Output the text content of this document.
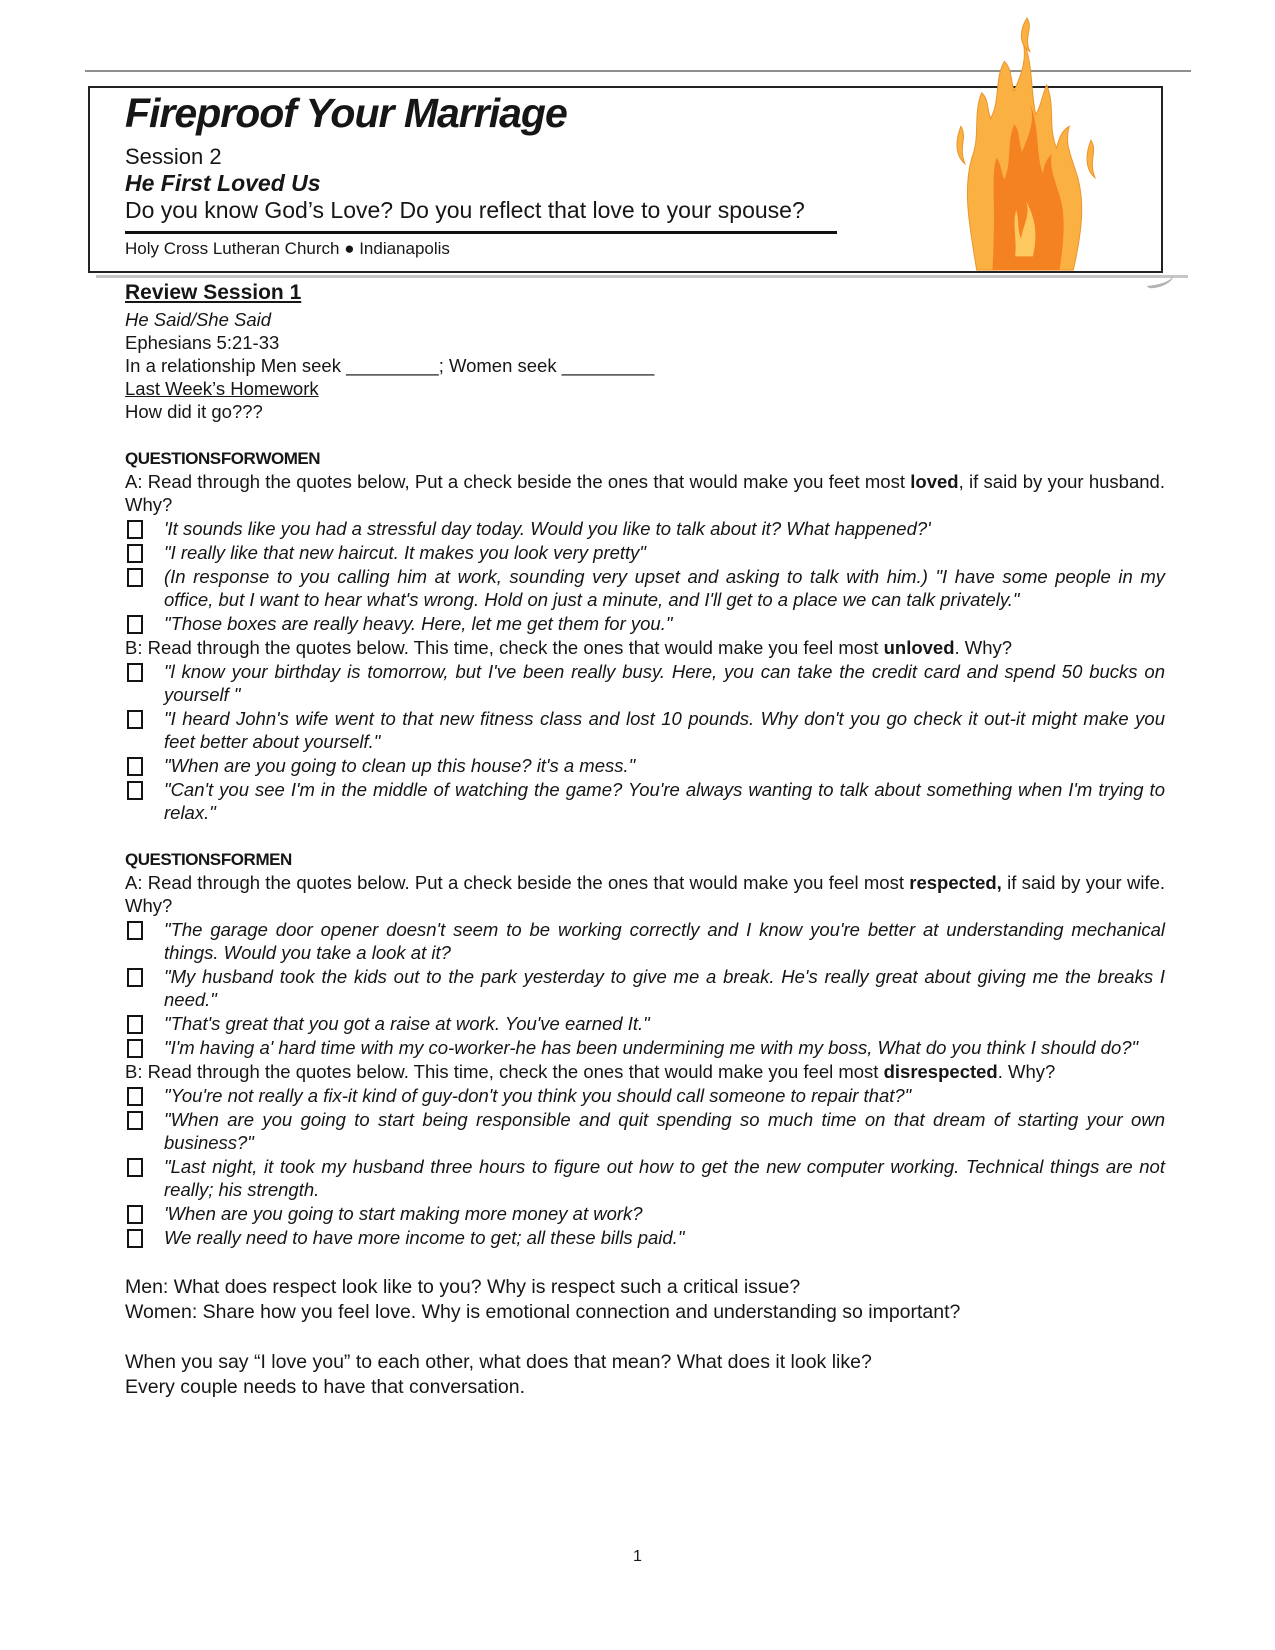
Fireproof Your Marriage
Session 2
He First Loved Us
Do you know God’s Love? Do you reflect that love to your spouse?
Holy Cross Lutheran Church ● Indianapolis
Review Session 1

He Said/She Said

Ephesians 5:21-33

In a relationship Men seek _________; Women seek _________

Last Week’s Homework

How did it go???

QUESTIONS FOR WOMEN

A: Read through the quotes below, Put a check beside the ones that would make you feet most loved, if said by your husband. Why?

'It sounds like you had a stressful day today. Would you like to talk about it? What happened?'
"I really like that new haircut. It makes you look very pretty"
(In response to you calling him at work, sounding very upset and asking to talk with him.) "I have some people in my office, but I want to hear what's wrong. Hold on just a minute, and I'll get to a place we can talk privately."
"Those boxes are really heavy. Here, let me get them for you."

B: Read through the quotes below. This time, check the ones that would make you feel most unloved. Why?

"l know your birthday is tomorrow, but I've been really busy. Here, you can take the credit card and spend 50 bucks on yourself "
"I heard John's wife went to that new fitness class and lost 10 pounds. Why don't you go check it out-it might make you feet better about yourself."
"When are you going to clean up this house? it's a mess."
"Can't you see I'm in the middle of watching the game? You're always wanting to talk about something when I'm trying to relax."
QUESTIONS FOR MEN

A: Read through the quotes below. Put a check beside the ones that would make you feel most respected, if said by your wife. Why?

"The garage door opener doesn't seem to be working correctly and I know you're better at understanding mechanical things. Would you take a look at it?
"My husband took the kids out to the park yesterday to give me a break. He's really great about giving me the breaks I need."
"That's great that you got a raise at work. You've earned It."
"I'm having a' hard time with my co-worker-he has been undermining me with my boss, What do you think I should do?"

B: Read through the quotes below. This time, check the ones that would make you feel most disrespected. Why?

"You're not really a fix-it kind of guy-don't you think you should call someone to repair that?"
"When are you going to start being responsible and quit spending so much time on that dream of starting your own business?"
"Last night, it took my husband three hours to figure out how to get the new computer working. Technical things are not really; his strength.
'When are you going to start making more money at work?
We really need to have more income to get; all these bills paid."

Men: What does respect look like to you? Why is respect such a critical issue?

Women: Share how you feel love. Why is emotional connection and understanding so important?

When you say “I love you” to each other, what does that mean? What does it look like?

Every couple needs to have that conversation.

1
